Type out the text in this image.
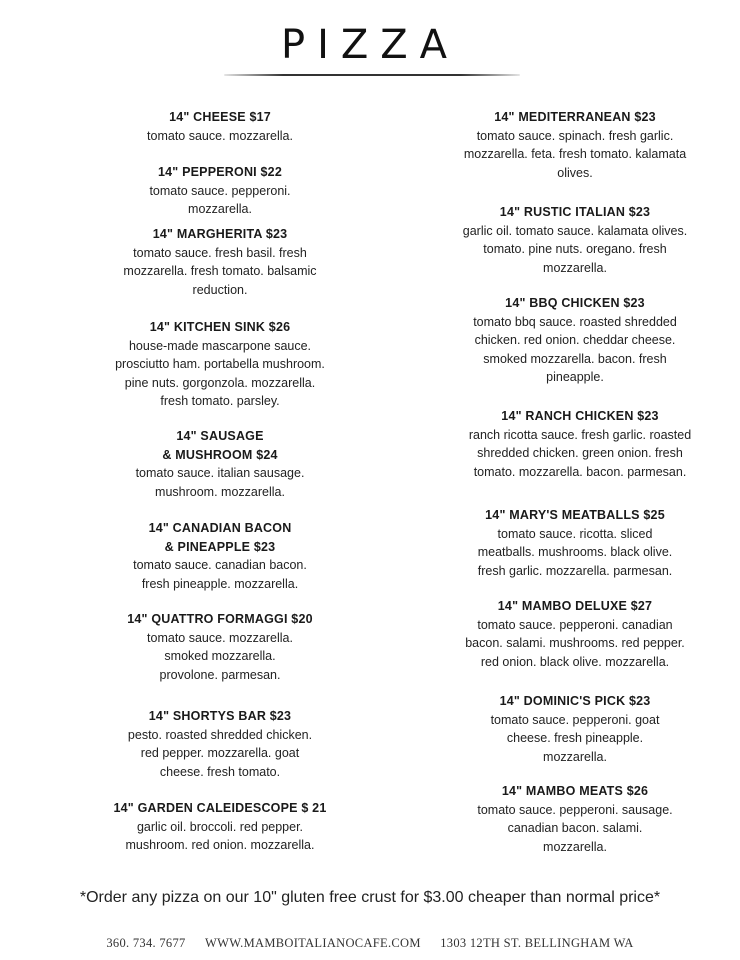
PIZZA
14" CHEESE $17
tomato sauce. mozzarella.
14" PEPPERONI $22
tomato sauce. pepperoni.
mozzarella.
14" MARGHERITA $23
tomato sauce. fresh basil. fresh
mozzarella. fresh tomato. balsamic
reduction.
14" KITCHEN SINK $26
house-made mascarpone sauce.
prosciutto ham. portabella mushroom.
pine nuts. gorgonzola. mozzarella.
fresh tomato. parsley.
14" SAUSAGE
& MUSHROOM $24
tomato sauce. italian sausage.
mushroom. mozzarella.
14" CANADIAN BACON
& PINEAPPLE $23
tomato sauce. canadian bacon.
fresh pineapple. mozzarella.
14" QUATTRO FORMAGGI $20
tomato sauce. mozzarella.
smoked mozzarella.
provolone. parmesan.
14" SHORTYS BAR $23
pesto. roasted shredded chicken.
red pepper. mozzarella. goat
cheese. fresh tomato.
14" GARDEN CALEIDESCOPE $ 21
garlic oil. broccoli. red pepper.
mushroom. red onion. mozzarella.
14" MEDITERRANEAN $23
tomato sauce. spinach. fresh garlic.
mozzarella. feta. fresh tomato. kalamata
olives.
14" RUSTIC ITALIAN $23
garlic oil. tomato sauce. kalamata olives.
tomato. pine nuts. oregano. fresh
mozzarella.
14" BBQ CHICKEN $23
tomato bbq sauce. roasted shredded
chicken. red onion. cheddar cheese.
smoked mozzarella. bacon. fresh
pineapple.
14" RANCH CHICKEN $23
ranch ricotta sauce. fresh garlic. roasted
shredded chicken. green onion. fresh
tomato. mozzarella. bacon. parmesan.
14" MARY'S MEATBALLS $25
tomato sauce. ricotta. sliced
meatballs. mushrooms. black olive.
fresh garlic. mozzarella. parmesan.
14" MAMBO DELUXE $27
tomato sauce. pepperoni. canadian
bacon. salami. mushrooms. red pepper.
red onion. black olive. mozzarella.
14" DOMINIC'S PICK $23
tomato sauce. pepperoni. goat
cheese. fresh pineapple.
mozzarella.
14" MAMBO MEATS $26
tomato sauce. pepperoni. sausage.
canadian bacon. salami.
mozzarella.
*Order any pizza on our 10" gluten free crust for $3.00 cheaper than normal price*
360. 734. 7677 WWW.MAMBOITALIANOCAFE.COM 1303 12TH ST. BELLINGHAM WA
